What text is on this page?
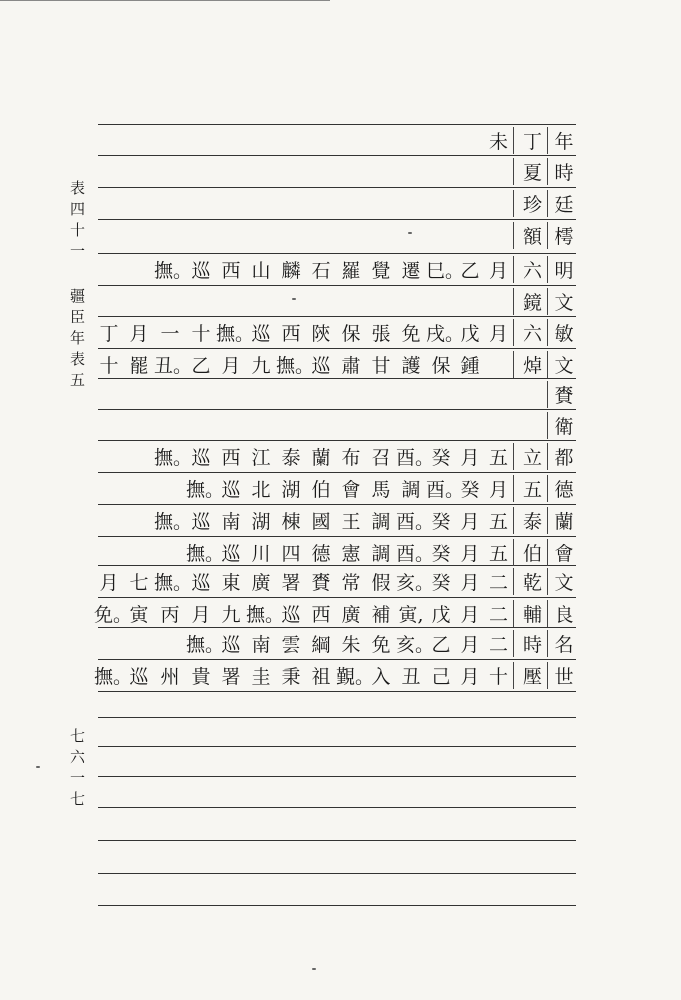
表四十一
疆臣年表五
七六一七
年
丁
未
時
夏
廷
珍
樗
額
明
六
月
乙
巳。
遷
覺
羅
石
麟
山
西
巡
撫。
文
鏡
敏
六
月
戊
戌。
免
張
保
陝
西
巡
撫。
十
一
月
丁
文
焯
鍾
保
護
甘
肅
巡
撫。
九
月
乙
丑。
罷
十
賚
衛
都
立
五
月
癸
酉。
召
布
蘭
泰
江
西
巡
撫。
德
五
月
癸
酉。
調
馬
會
伯
湖
北
巡
撫。
蘭
泰
五
月
癸
酉。
調
王
國
棟
湖
南
巡
撫。
會
伯
五
月
癸
酉。
調
憲
德
四
川
巡
撫。
文
乾
二
月
癸
亥。
假
常
賚
署
廣
東
巡
撫。
七
月
良
輔
二
月
戊
寅,
補
廣
西
巡
撫。
九
月
丙
寅
免。
名
時
二
月
乙
亥。
免
朱
綱
雲
南
巡
撫。
世
壓
十
月
己
丑
入
覲。
祖
秉
圭
署
貴
州
巡
撫。
